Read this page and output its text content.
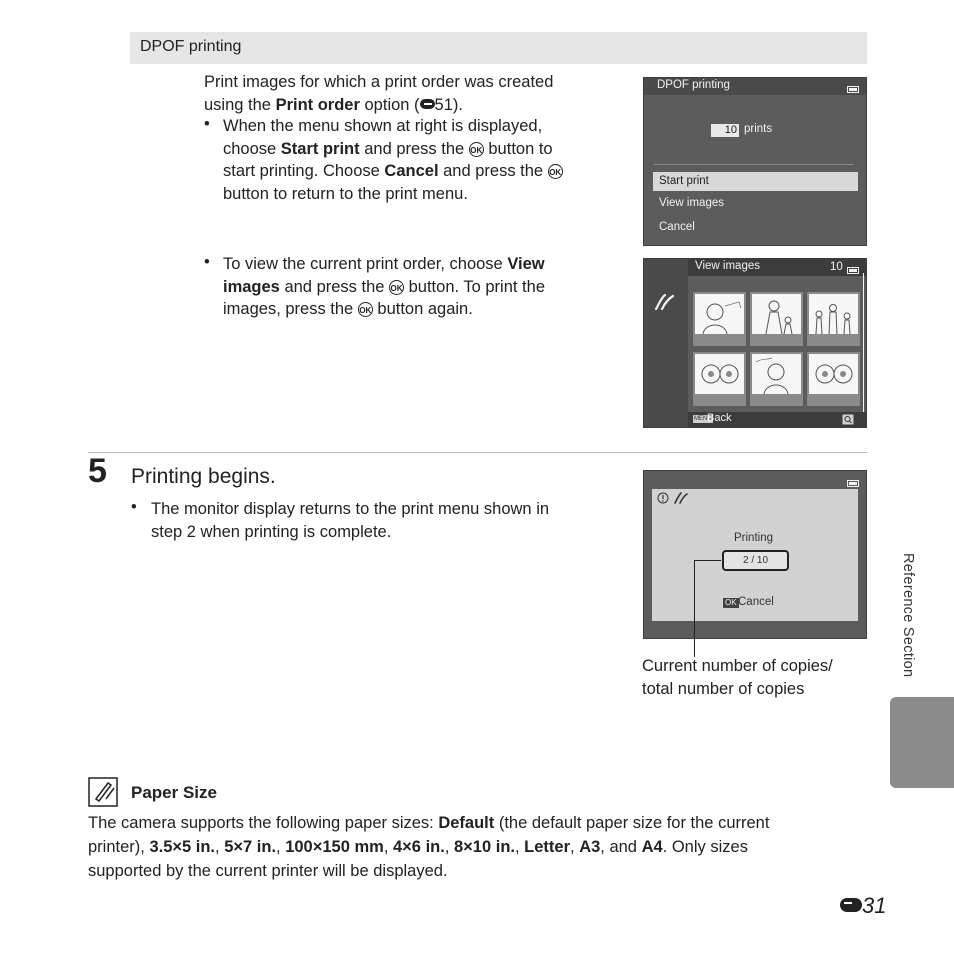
DPOF printing
Print images for which a print order was created
using the Print order option ( 51).
• When the menu shown at right is displayed,
choose Start print and press the OK button to
start printing. Choose Cancel and press the OK
button to return to the print menu.
• To view the current print order, choose View
images and press the OK button. To print the
images, press the OK button again.
DPOF printing
10 prints
Start print
View images
Cancel
View images	10
MENU
Back
5 Printing begins.
• The monitor display returns to the print menu shown in
step 2 when printing is complete.	Printing
2 / 10
OK Cancel
Current number of copies/
total number of copies
Reference Section
Paper Size
The camera supports the following paper sizes: Default (the default paper size for the current
printer), 3.5×5 in., 5×7 in., 100×150 mm, 4×6 in., 8×10 in., Letter, A3, and A4. Only sizes
supported by the current printer will be displayed.
31
